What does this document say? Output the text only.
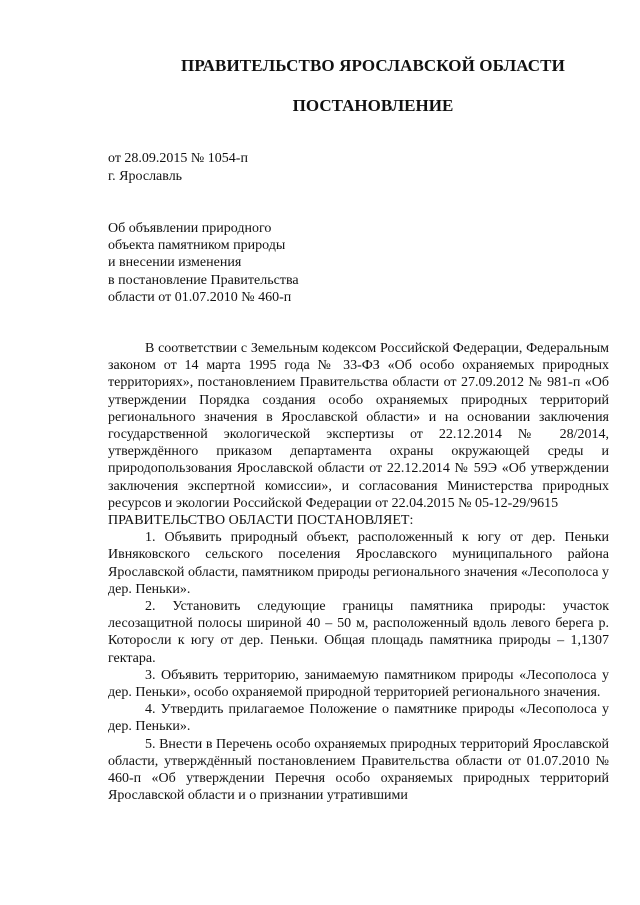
ПРАВИТЕЛЬСТВО ЯРОСЛАВСКОЙ ОБЛАСТИ
ПОСТАНОВЛЕНИЕ
от 28.09.2015 № 1054-п
г. Ярославль
Об объявлении природного
объекта памятником природы
и внесении изменения
в постановление Правительства
области от 01.07.2010 № 460-п

В соответствии с Земельным кодексом Российской Федерации, Федеральным законом от 14 марта 1995 года № 33-ФЗ «Об особо охраняемых природных территориях», постановлением Правительства области от 27.09.2012 № 981-п «Об утверждении Порядка создания особо охраняемых природных территорий регионального значения в Ярославской области» и на основании заключения государственной экологической экспертизы от 22.12.2014 № 28/2014, утверждённого приказом департамента охраны окружающей среды и природопользования Ярославской области от 22.12.2014 № 59Э «Об утверждении заключения экспертной комиссии», и согласования Министерства природных ресурсов и экологии Российской Федерации от 22.04.2015 № 05-12-29/9615

ПРАВИТЕЛЬСТВО ОБЛАСТИ ПОСТАНОВЛЯЕТ:

1. Объявить природный объект, расположенный к югу от дер. Пеньки Ивняковского сельского поселения Ярославского муниципального района Ярославской области, памятником природы регионального значения «Лесополоса у дер. Пеньки».

2. Установить следующие границы памятника природы: участок лесозащитной полосы шириной 40 – 50 м, расположенный вдоль левого берега р. Которосли к югу от дер. Пеньки. Общая площадь памятника природы – 1,1307 гектара.

3. Объявить территорию, занимаемую памятником природы «Лесополоса у дер. Пеньки», особо охраняемой природной территорией регионального значения.

4. Утвердить прилагаемое Положение о памятнике природы «Лесополоса у дер. Пеньки».

5. Внести в Перечень особо охраняемых природных территорий Ярославской области, утверждённый постановлением Правительства области от 01.07.2010 № 460-п «Об утверждении Перечня особо охраняемых природных территорий Ярославской области и о признании утратившими
